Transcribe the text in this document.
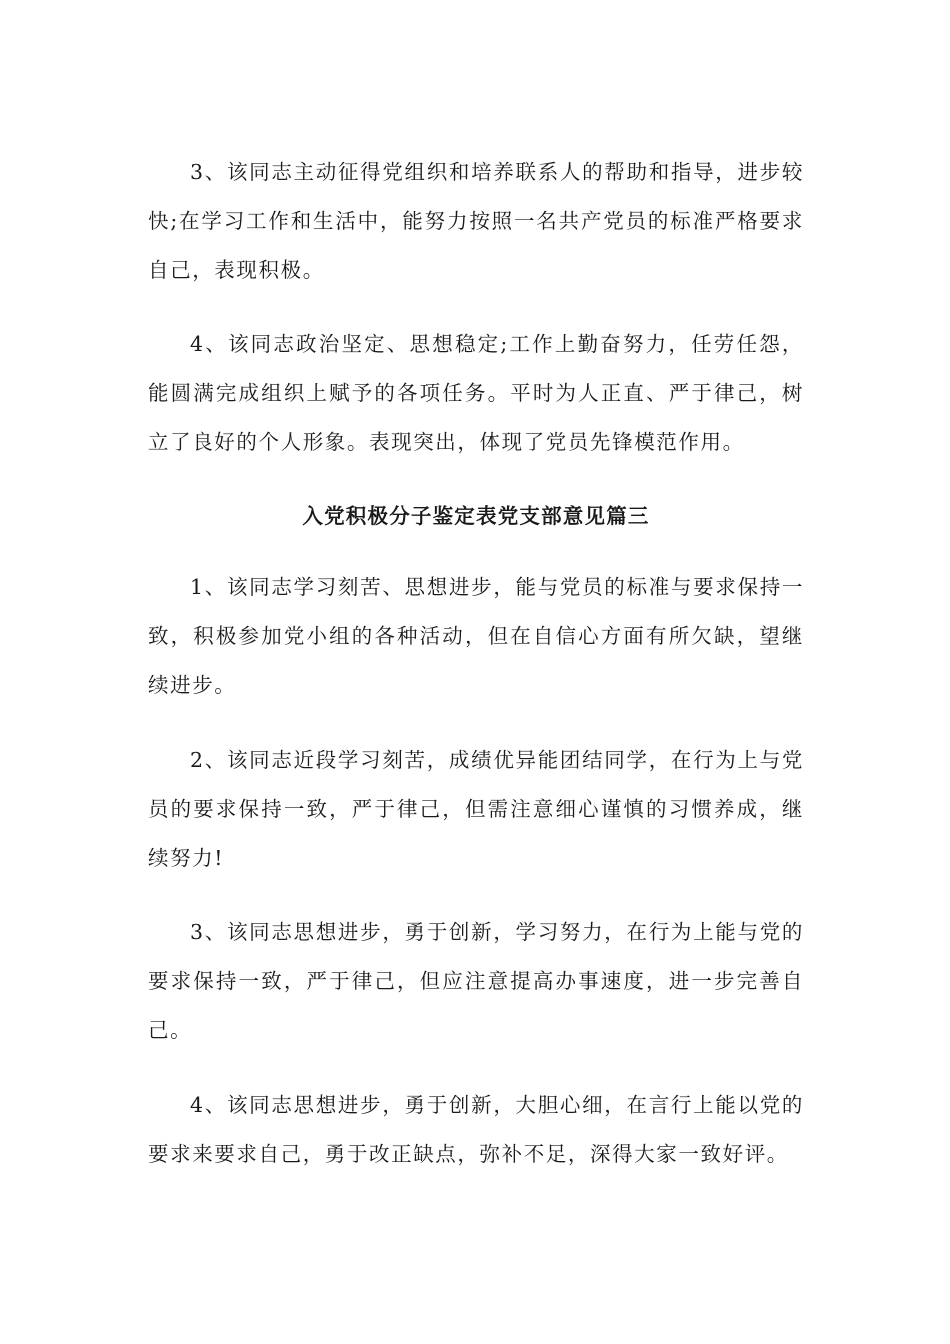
3、该同志主动征得党组织和培养联系人的帮助和指导，进步较快;在学习工作和生活中，能努力按照一名共产党员的标准严格要求自己，表现积极。

4、该同志政治坚定、思想稳定;工作上勤奋努力，任劳任怨，能圆满完成组织上赋予的各项任务。平时为人正直、严于律己，树立了良好的个人形象。表现突出，体现了党员先锋模范作用。

入党积极分子鉴定表党支部意见篇三

1、该同志学习刻苦、思想进步，能与党员的标准与要求保持一致，积极参加党小组的各种活动，但在自信心方面有所欠缺，望继续进步。

2、该同志近段学习刻苦，成绩优异能团结同学，在行为上与党员的要求保持一致，严于律己，但需注意细心谨慎的习惯养成，继续努力!

3、该同志思想进步，勇于创新，学习努力，在行为上能与党的要求保持一致，严于律己，但应注意提高办事速度，进一步完善自己。

4、该同志思想进步，勇于创新，大胆心细，在言行上能以党的要求来要求自己，勇于改正缺点，弥补不足，深得大家一致好评。
